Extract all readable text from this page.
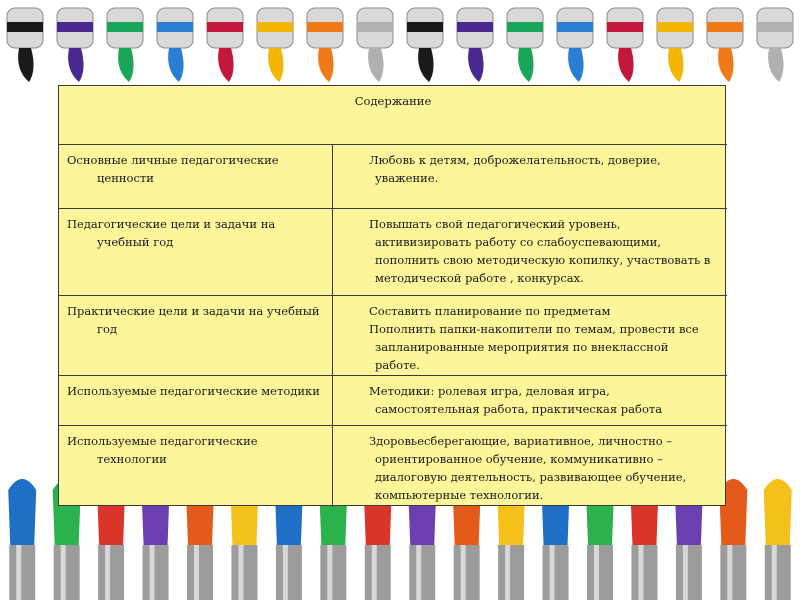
Содержание
Основные личные педагогические ценности
Любовь к детям, доброжелательность, доверие, уважение.
Педагогические цели и задачи на учебный год
Повышать свой педагогический уровень, активизировать работу со слабоуспевающими, пополнить свою методическую копилку, участвовать в методической работе , конкурсах.
Практические цели и задачи на учебный год
Составить планирование по предметам
Пополнить папки-накопители по темам, провести все запланированные мероприятия по внеклассной работе.
Используемые педагогические методики	Методики: ролевая игра, деловая игра, самостоятельная работа, практическая работа
Используемые педагогические технологии
Здоровьесберегающие, вариативное, личностно – ориентированное обучение, коммуникативно – диалоговую деятельность, развивающее обучение, компьютерные технологии.
